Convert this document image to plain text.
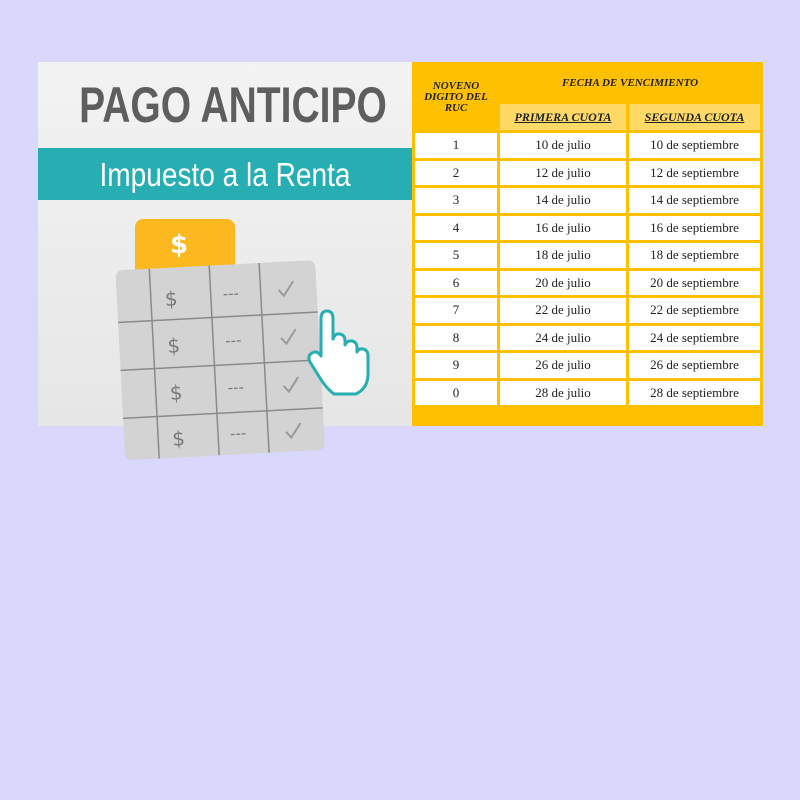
PAGO ANTICIPO
Impuesto a la Renta
$
$	---
$	---
$	---
$	---
NOVENO DIGITO DEL RUC	FECHA DE VENCIMIENTO	
	PRIMERA CUOTA	SEGUNDA CUOTA
1	10 de julio	10 de septiembre
2	12 de julio	12 de septiembre
3	14 de julio	14 de septiembre
4	16 de julio	16 de septiembre
5	18 de julio	18 de septiembre
6	20 de julio	20 de septiembre
7	22 de julio	22 de septiembre
8	24 de julio	24 de septiembre
9	26 de julio	26 de septiembre
0	28 de julio	28 de septiembre
